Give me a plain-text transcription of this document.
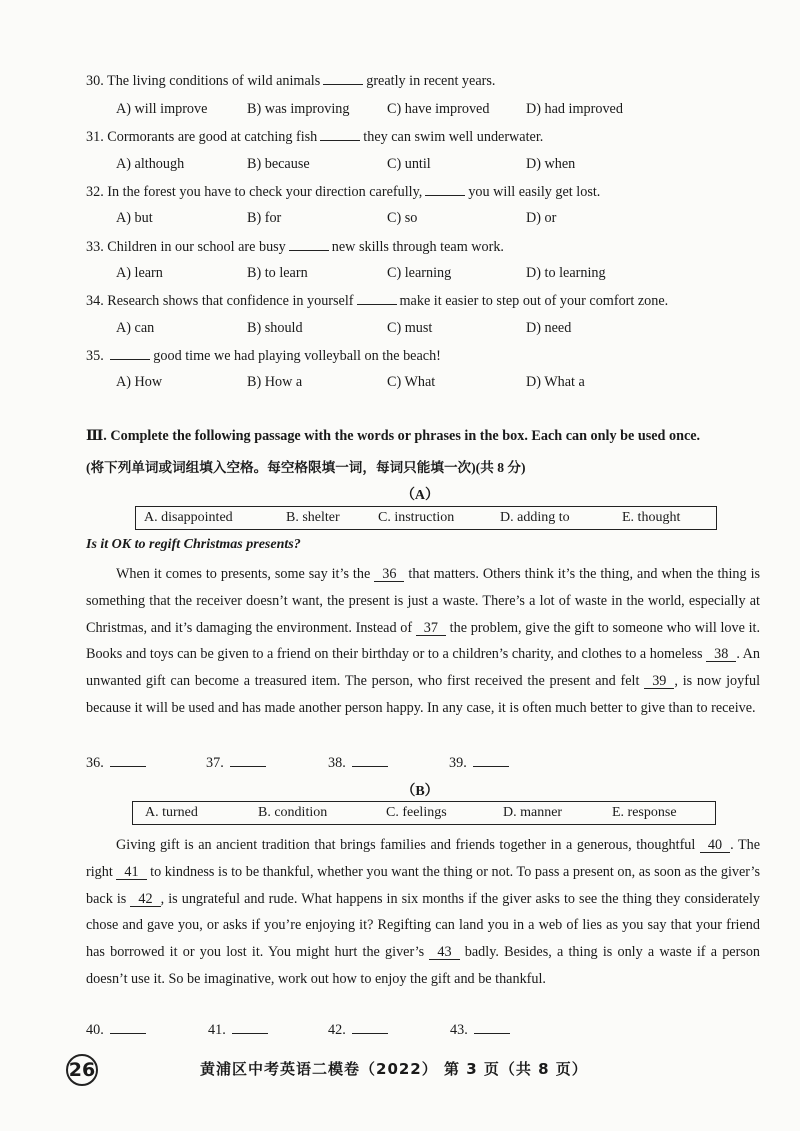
30. The living conditions of wild animals	greatly in recent years.
A) will improve	B) was improving	C) have improved	D) had improved
31. Cormorants are good at catching fish	they can swim well underwater.
A) although	B) because	C) until	D) when
32. In the forest you have to check your direction carefully,	you will easily get lost.
A) but	B) for	C) so	D) or
33. Children in our school are busy	new skills through team work.
A) learn	B) to learn	C) learning	D) to learning
34. Research shows that confidence in yourself	make it easier to step out of your comfort zone.
A) can	B) should	C) must	D) need
35.	good time we had playing volleyball on the beach!
A) How	B) How a	C) What	D) What a
Ⅲ. Complete the following passage with the words or phrases in the box. Each can only be used once.
(将下列单词或词组填入空格。每空格限填一词，每词只能填一次)(共 8 分)
（A）
A. disappointed	B. shelter	C. instruction	D. adding to	E. thought
Is it OK to regift Christmas presents?
When it comes to presents, some say it’s the 36 that matters. Others think it’s the thing, and when the thing is something that the receiver doesn’t want, the present is just a waste. There’s a lot of waste in the world, especially at Christmas, and it’s damaging the environment. Instead of 37 the problem, give the gift to someone who will love it. Books and toys can be given to a friend on their birthday or to a children’s charity, and clothes to a homeless 38 . An unwanted gift can become a treasured item. The person, who first received the present and felt 39 , is now joyful because it will be used and has made another person happy. In any case, it is often much better to give than to receive.
36.	37.	38.	39.
（B）
A. turned	B. condition	C. feelings	D. manner	E. response
Giving gift is an ancient tradition that brings families and friends together in a generous, thoughtful 40 . The right 41 to kindness is to be thankful, whether you want the thing or not. To pass a present on, as soon as the giver’s back is 42 , is ungrateful and rude. What happens in six months if the giver asks to see the thing they considerately chose and gave you, or asks if you’re enjoying it? Regifting can land you in a web of lies as you say that your friend has borrowed it or you lost it. You might hurt the giver’s 43 badly. Besides, a thing is only a waste if a person doesn’t use it. So be imaginative, work out how to enjoy the gift and be thankful.
40.	41.	42.	43.
26	黄浦区中考英语二模卷（2022） 第 3 页（共 8 页）
